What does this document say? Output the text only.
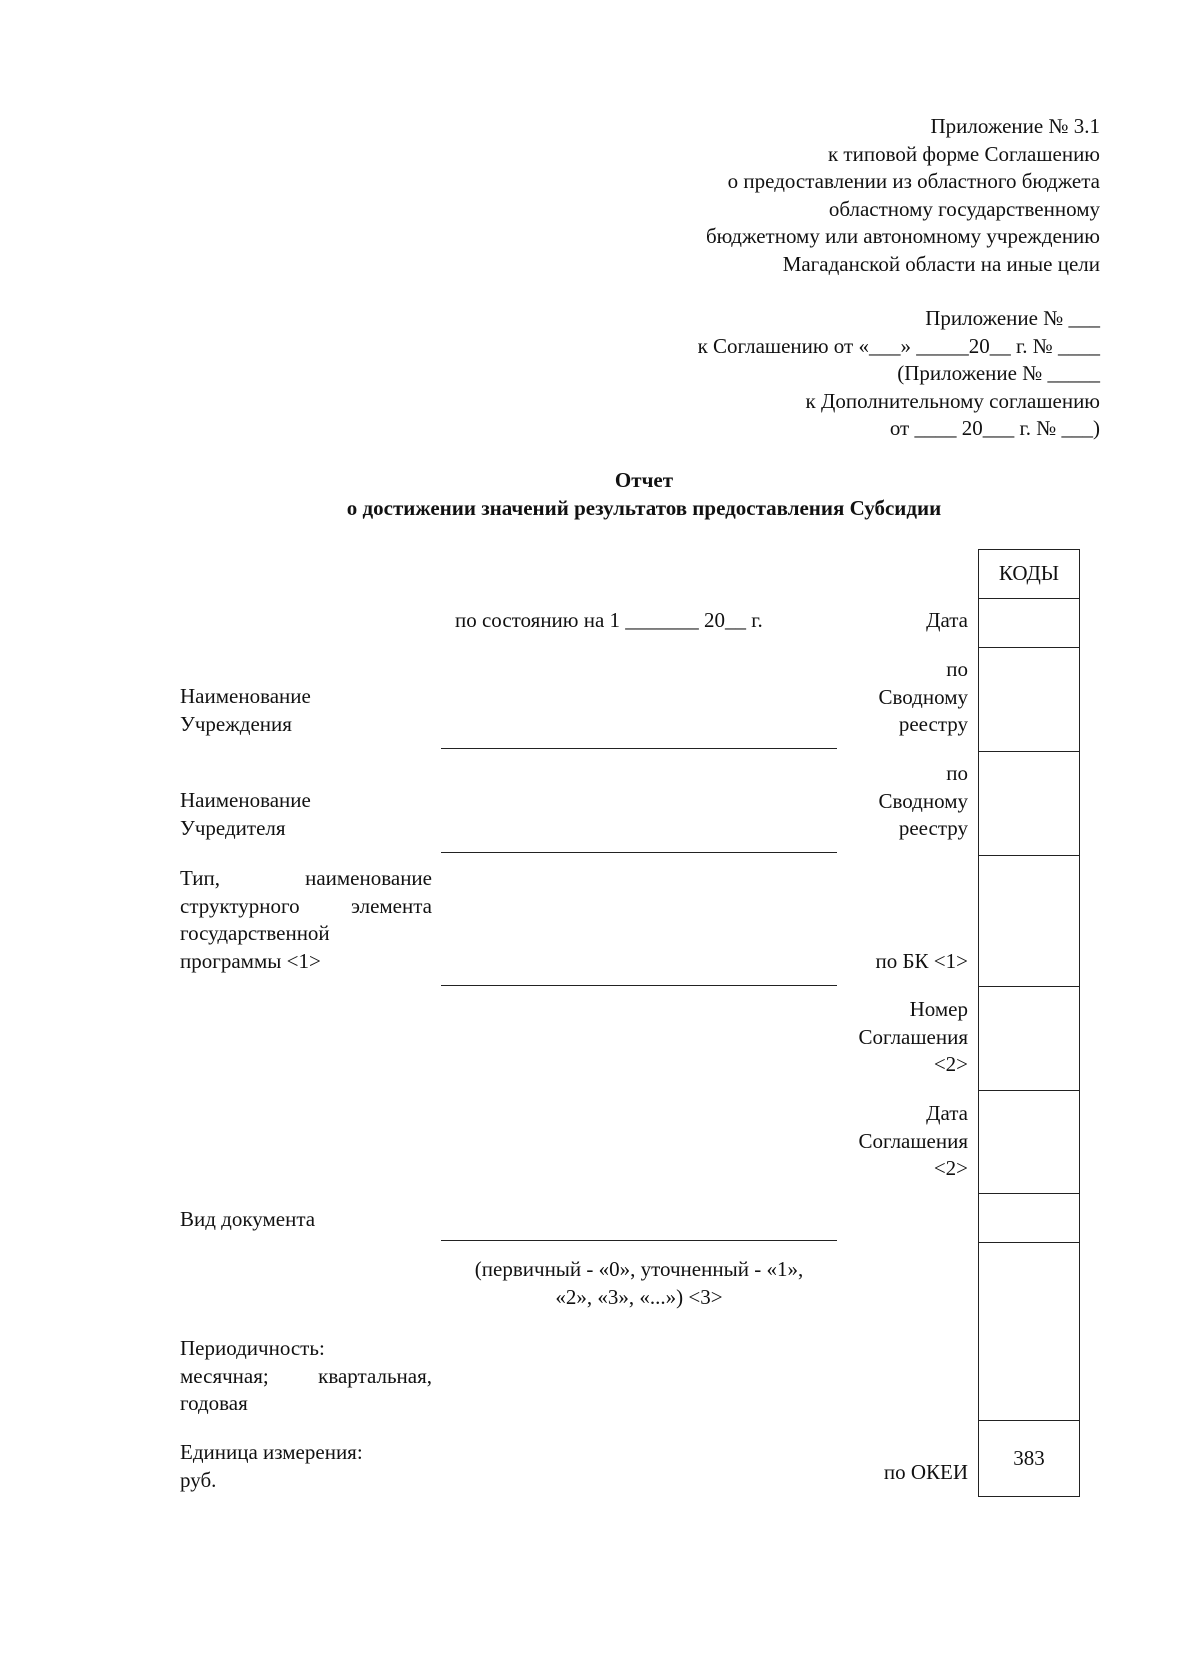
Приложение № 3.1
к типовой форме Соглашению
о предоставлении из областного бюджета
областному государственному
бюджетному или автономному учреждению
Магаданской области на иные цели
Приложение № ___
к Соглашению от «___» _____20__ г. № ____
(Приложение № _____
к Дополнительному соглашению
от ____ 20___ г. № ___)
Отчет
о достижении значений результатов предоставления Субсидии
по состоянию на 1 _______ 20__ г.
Наименование
Учреждения
Наименование
Учредителя
Тип, наименование
структурного элемента
государственной
программы <1>
Вид документа
(первичный - «0», уточненный - «1»,
«2», «3», «...») <3>
Периодичность:
месячная; квартальная,
годовая
Единица измерения:
руб.
Дата
по
Сводному
реестру
по
Сводному
реестру
по БК <1>
Номер
Соглашения
<2>
Дата
Соглашения
<2>
по ОКЕИ
КОДЫ
383
